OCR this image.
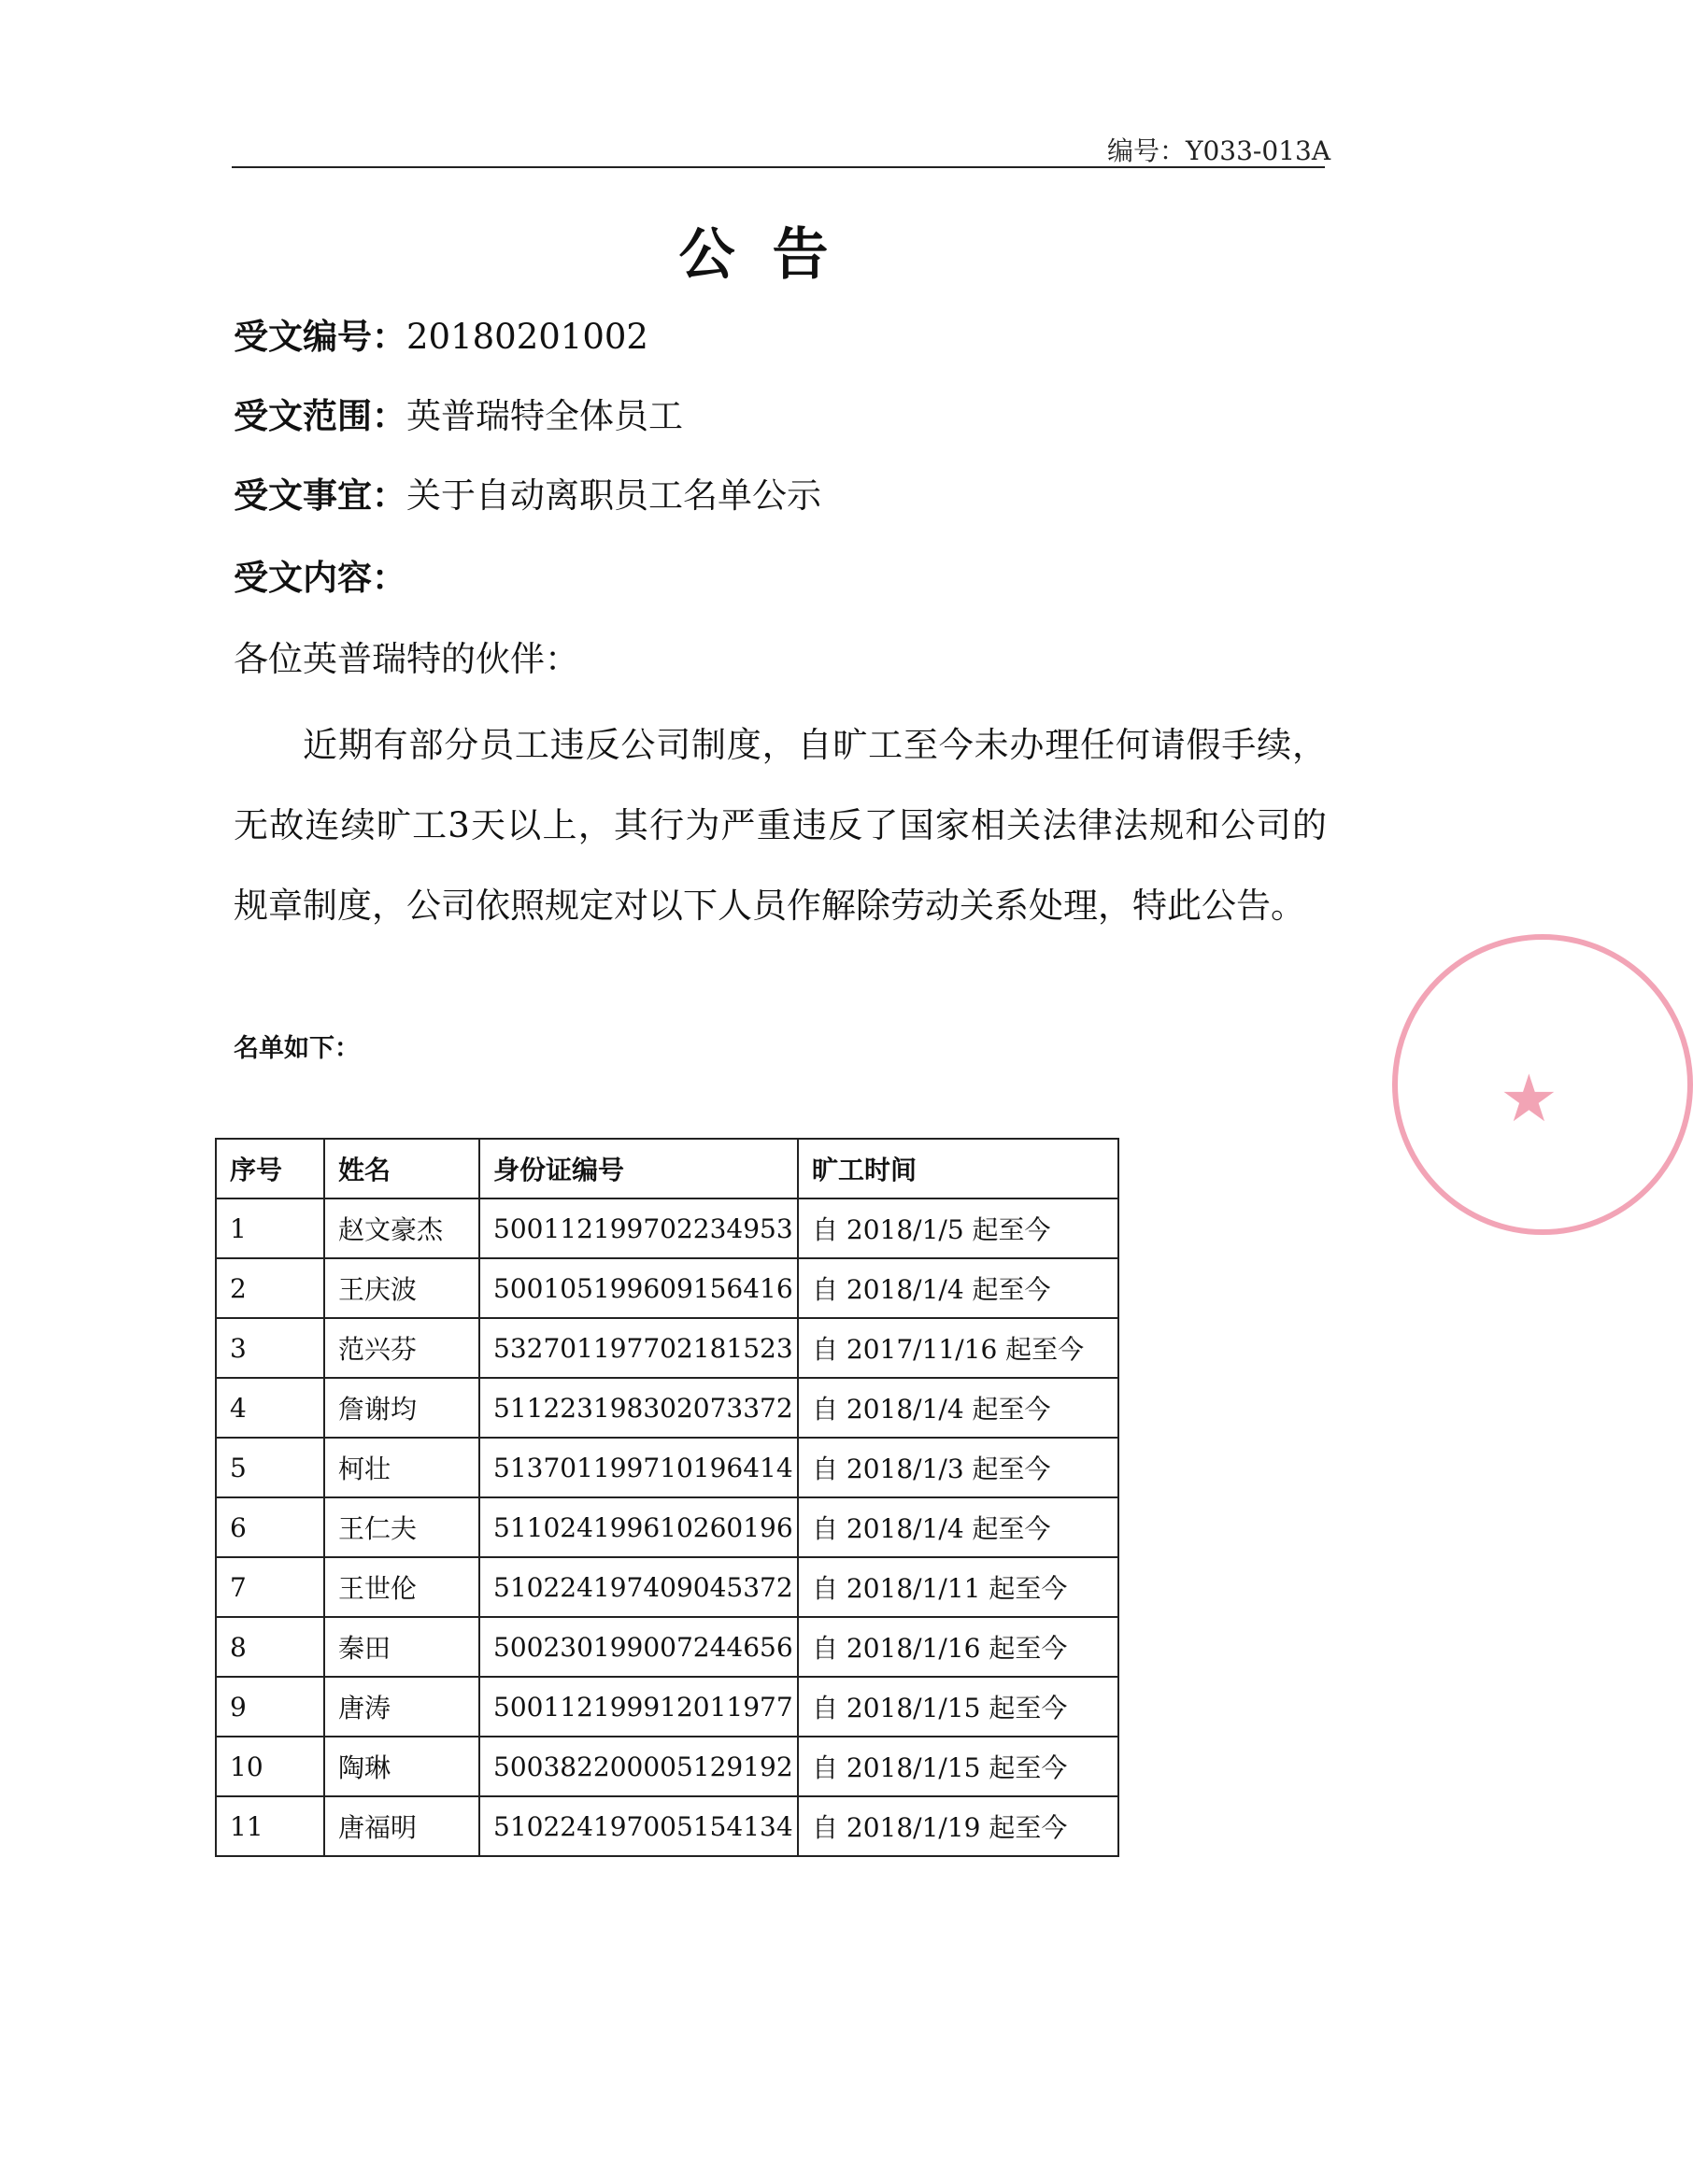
编号：Y033-013A
公告
受文编号：20180201002
受文范围：英普瑞特全体员工
受文事宜：关于自动离职员工名单公示
受文内容：
各位英普瑞特的伙伴：
近期有部分员工违反公司制度，自旷工至今未办理任何请假手续，无故连续旷工3天以上，其行为严重违反了国家相关法律法规和公司的规章制度，公司依照规定对以下人员作解除劳动关系处理，特此公告。
名单如下：
序号	姓名	身份证编号	旷工时间
1	赵文豪杰	500112199702234953	自 2018/1/5 起至今
2	王庆波	500105199609156416	自 2018/1/4 起至今
3	范兴芬	532701197702181523	自 2017/11/16 起至今
4	詹谢均	511223198302073372	自 2018/1/4 起至今
5	柯壮	513701199710196414	自 2018/1/3 起至今
6	王仁夫	511024199610260196	自 2018/1/4 起至今
7	王世伦	510224197409045372	自 2018/1/11 起至今
8	秦田	500230199007244656	自 2018/1/16 起至今
9	唐涛	500112199912011977	自 2018/1/15 起至今
10	陶琳	500382200005129192	自 2018/1/15 起至今
11	唐福明	510224197005154134	自 2018/1/19 起至今
★
